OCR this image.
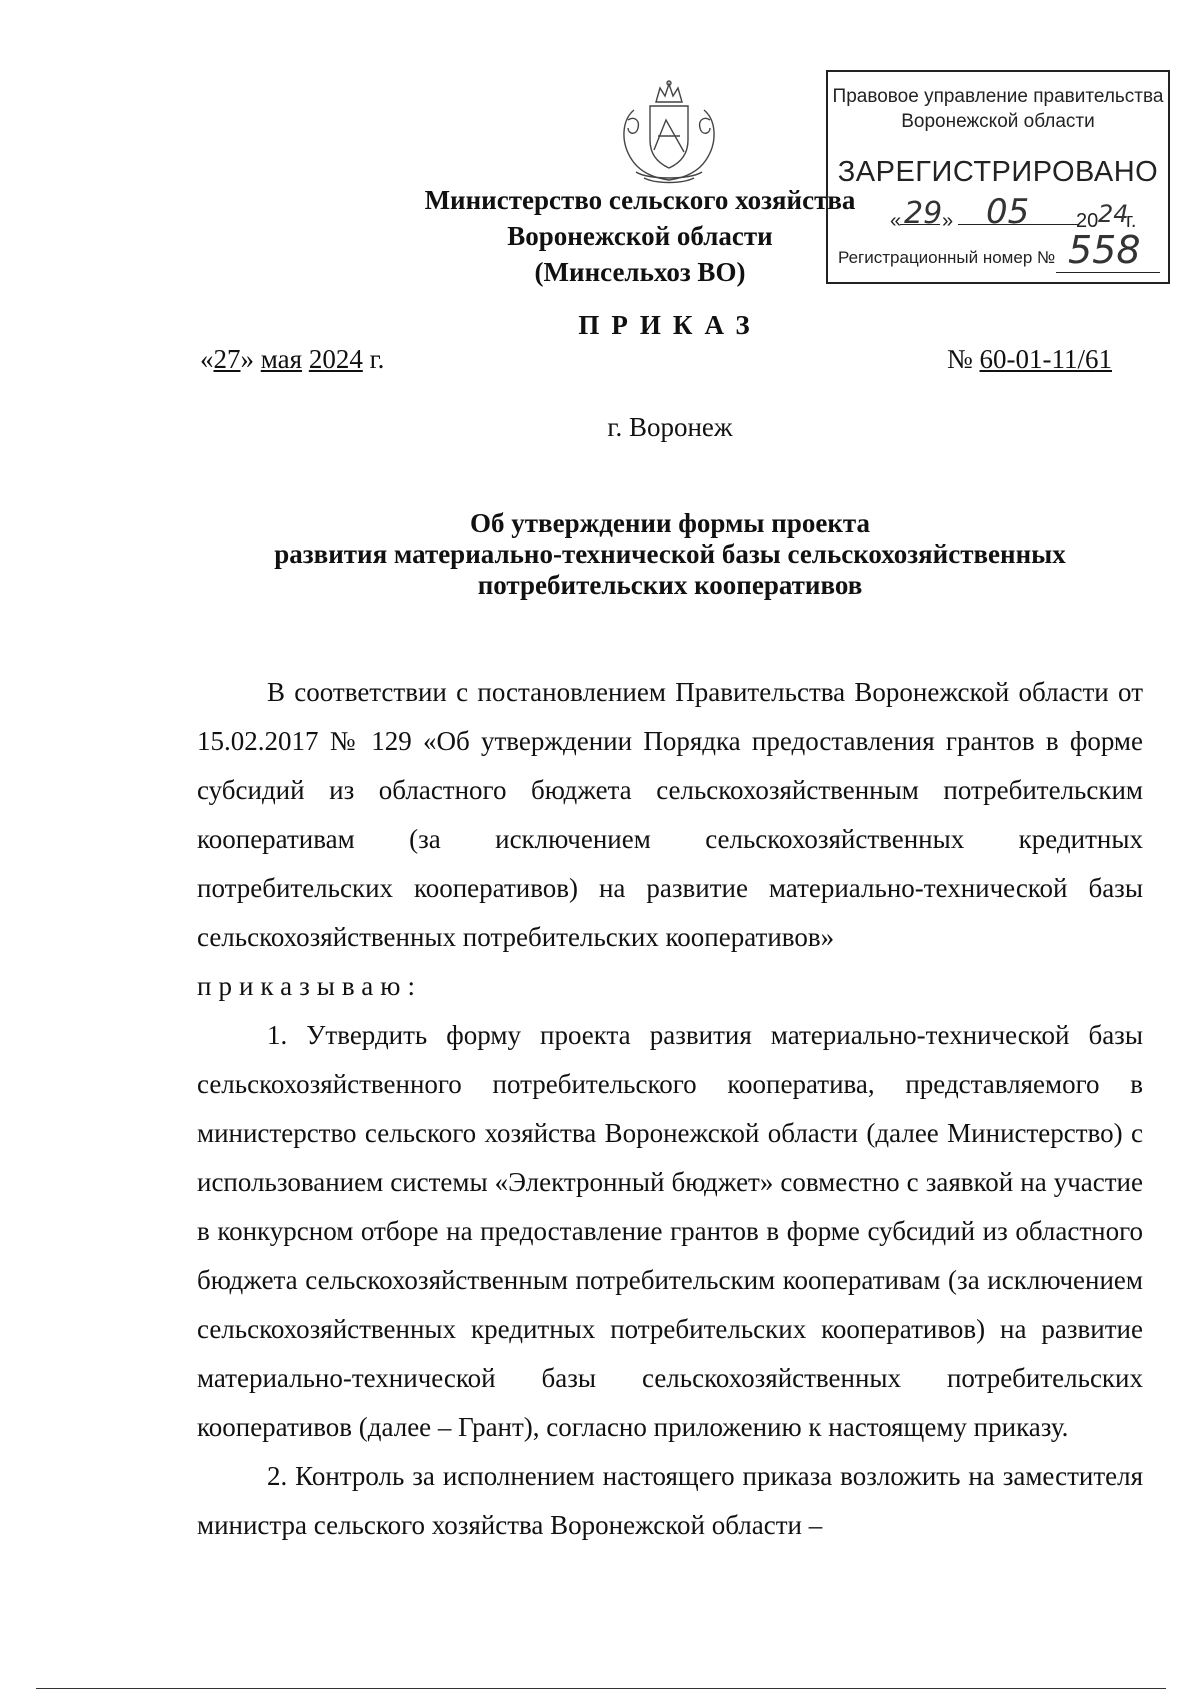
Министерство сельского хозяйства
Воронежской области
(Минсельхоз ВО)
Правовое управление правительства
Воронежской области
ЗАРЕГИСТРИРОВАНО
« 29 » 05 20 24
г.
Регистрационный номер № 558
ПРИКАЗ
«27» мая 2024 г.	№ 60-01-11/61
г. Воронеж
Об утверждении формы проекта
развития материально-технической базы сельскохозяйственных
потребительских кооперативов

В соответствии с постановлением Правительства Воронежской области от 15.02.2017 № 129 «Об утверждении Порядка предоставления грантов в форме субсидий из областного бюджета сельскохозяйственным потребительским кооперативам (за исключением сельскохозяйственных кредитных потребительских кооперативов) на развитие материально-технической базы сельскохозяйственных потребительских кооперативов»

приказываю:

1. Утвердить форму проекта развития материально-технической базы сельскохозяйственного потребительского кооператива, представляемого в министерство сельского хозяйства Воронежской области (далее Министерство) с использованием системы «Электронный бюджет» совместно с заявкой на участие в конкурсном отборе на предоставление грантов в форме субсидий из областного бюджета сельскохозяйственным потребительским кооперативам (за исключением сельскохозяйственных кредитных потребительских кооперативов) на развитие материально-технической базы сельскохозяйственных потребительских кооперативов (далее – Грант), согласно приложению к настоящему приказу.

2. Контроль за исполнением настоящего приказа возложить на заместителя министра сельского хозяйства Воронежской области –
